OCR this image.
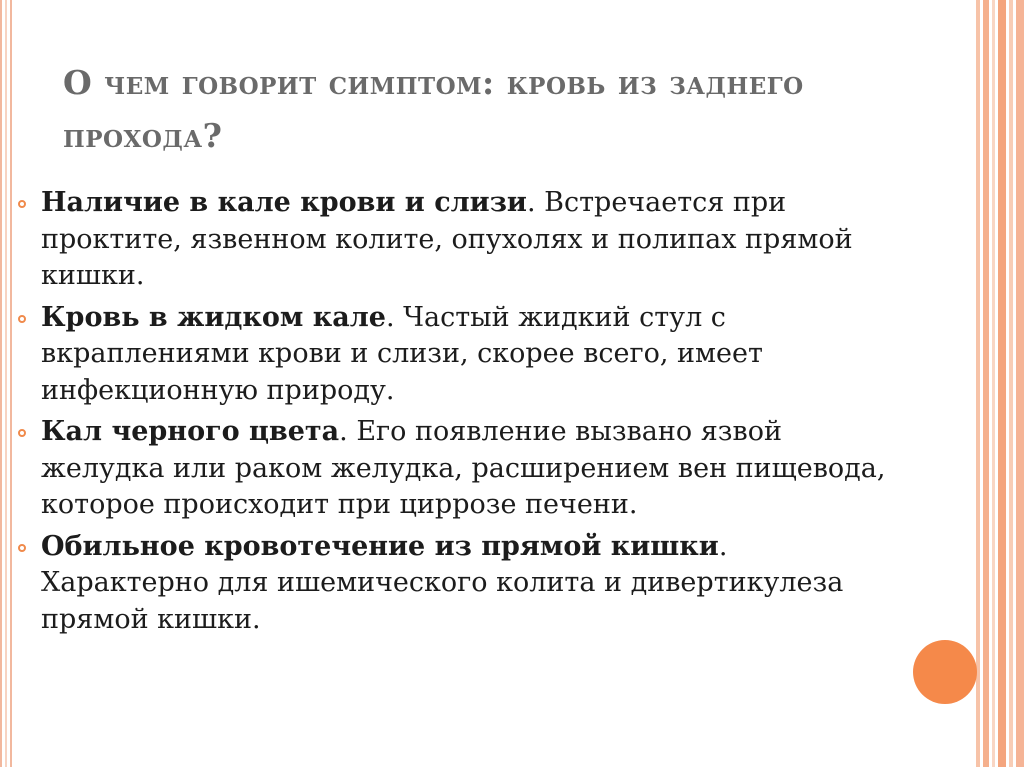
О чем говорит симптом: кровь из заднего прохода?
Наличие в кале крови и слизи. Встречается при проктите, язвенном колите, опухолях и полипах прямой кишки.
Кровь в жидком кале. Частый жидкий стул с вкраплениями крови и слизи, скорее всего, имеет инфекционную природу.
Кал черного цвета. Его появление вызвано язвой желудка или раком желудка, расширением вен пищевода, которое происходит при циррозе печени.
Обильное кровотечение из прямой кишки. Характерно для ишемического колита и дивертикулеза прямой кишки.
